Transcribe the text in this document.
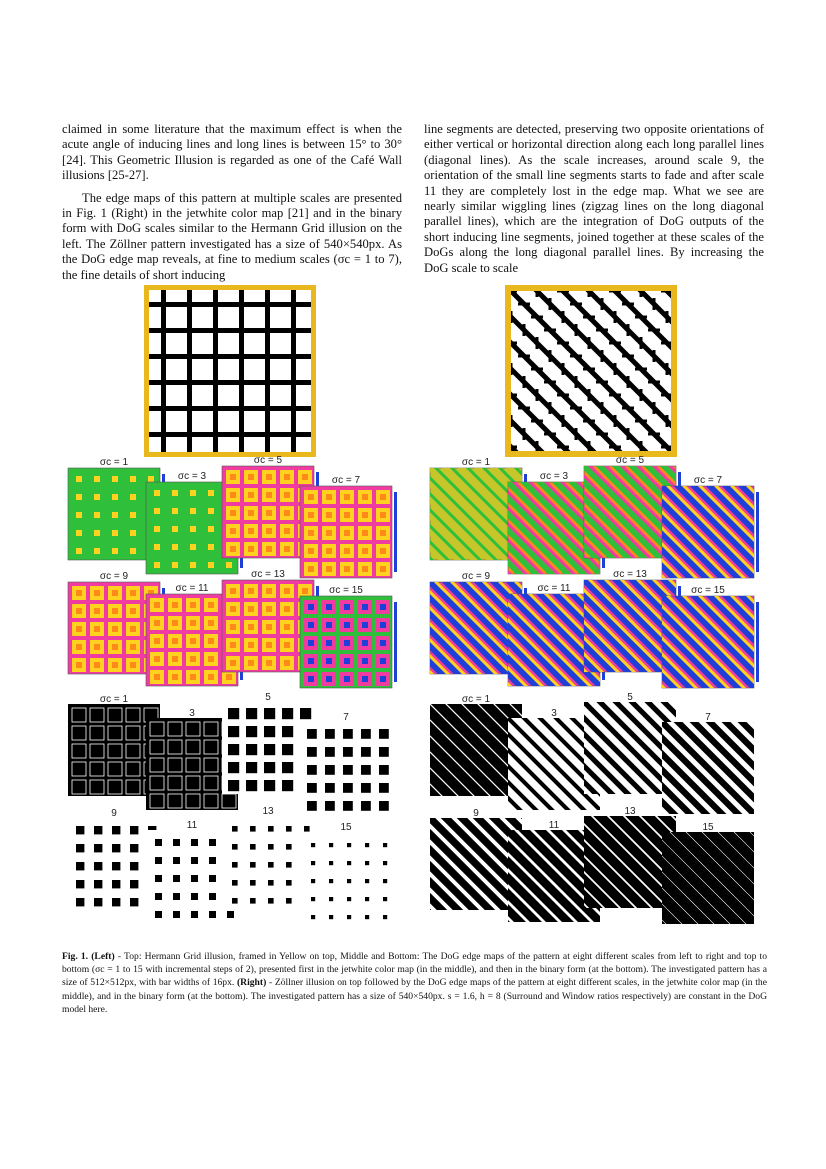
claimed in some literature that the maximum effect is when the acute angle of inducing lines and long lines is between 15° to 30° [24]. This Geometric Illusion is regarded as one of the Café Wall illusions [25-27].

The edge maps of this pattern at multiple scales are presented in Fig. 1 (Right) in the jetwhite color map [21] and in the binary form with DoG scales similar to the Hermann Grid illusion on the left. The Zöllner pattern investigated has a size of 540×540px. As the DoG edge map reveals, at fine to medium scales (σc = 1 to 7), the fine details of short inducing

line segments are detected, preserving two opposite orientations of either vertical or horizontal direction along each long parallel lines (diagonal lines). As the scale increases, around scale 9, the orientation of the small line segments starts to fade and after scale 11 they are completely lost in the edge map. What we see are nearly similar wiggling lines (zigzag lines on the long diagonal parallel lines), which are the integration of DoG outputs of the short inducing line segments, joined together at these scales of the DoGs along the long diagonal parallel lines. By increasing the DoG scale to scale

σc = 1
σc = 3
σc = 5
σc = 7
σc = 9
σc = 11
σc = 13
σc = 15
σc = 1
σc = 3
σc = 5
σc = 7
σc = 9
σc = 11
σc = 13
σc = 15
σc = 1
3
5
7
9
11
13
15
σc = 1
3
5
7
9
11
13
15
Fig. 1. (Left) - Top: Hermann Grid illusion, framed in Yellow on top, Middle and Bottom: The DoG edge maps of the pattern at eight different scales from left to right and top to bottom (σc = 1 to 15 with incremental steps of 2), presented first in the jetwhite color map (in the middle), and then in the binary form (at the bottom). The investigated pattern has a size of 512×512px, with bar widths of 16px. (Right) - Zöllner illusion on top followed by the DoG edge maps of the pattern at eight different scales, in the jetwhite color map (in the middle), and in the binary form (at the bottom). The investigated pattern has a size of 540×540px. s = 1.6, h = 8 (Surround and Window ratios respectively) are constant in the DoG model here.
